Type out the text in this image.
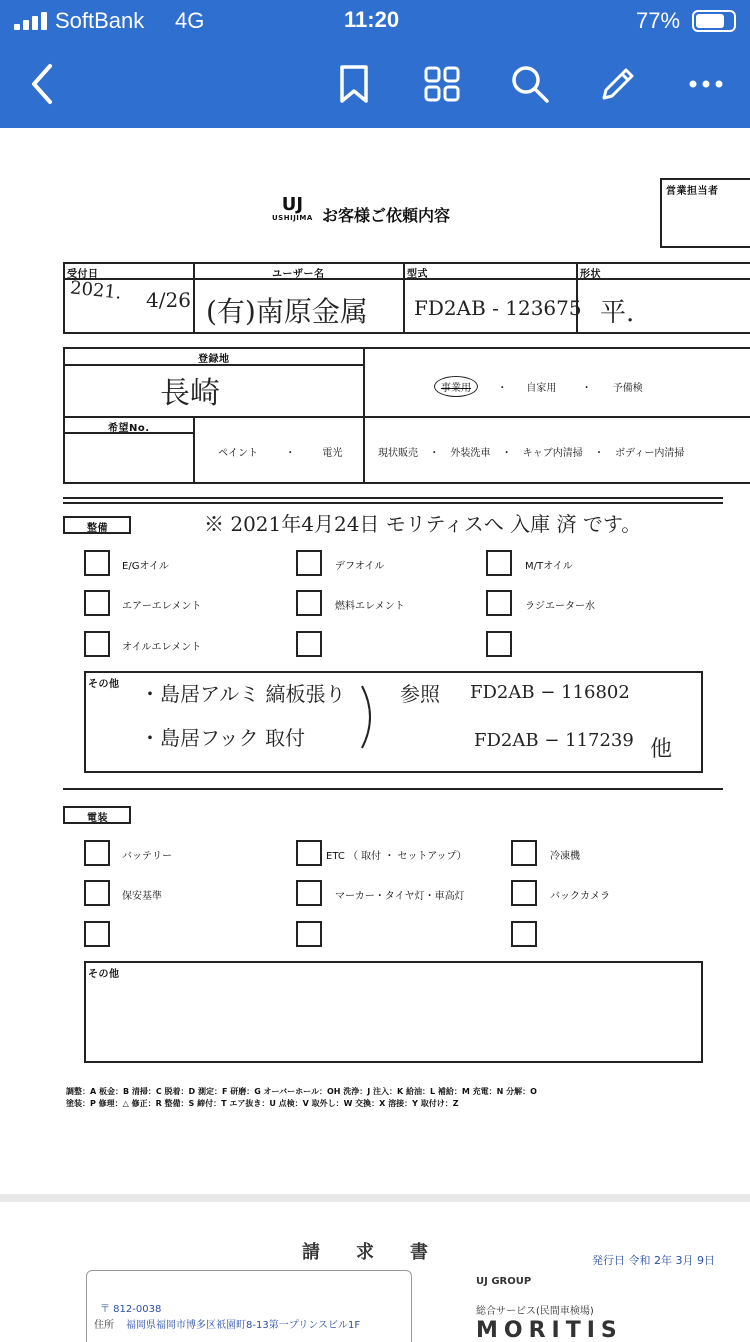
SoftBank 4G	11:20	77%
UJ
USHIJIMA お客様ご依頼内容
営業担当者
受付日	ユーザー名	型式	形状
2021. 4/26 (有)南原金属 FD2AB - 123675 平.
登録地
長崎	事業用	・ 自家用	・ 予備検
希望No.
ペイント	・	電光	現状販売 ・ 外装洗車 ・ キャブ内清掃 ・ ボディー内清掃
整備	※ 2021年4月24日 モリティスへ 入庫 済 です。
E/Gオイル	デフオイル	M/Tオイル
エアーエレメント	燃料エレメント	ラジエーター水
オイルエレメント
その他 ・島居アルミ 縞板張り
・島居フック 取付
参照 FD2AB − 116802
FD2AB − 117239 他
電装
バッテリー	ETC （ 取付 ・ セットアップ）	冷凍機
保安基準	マーカー・タイヤ灯・車高灯	バックカメラ
その他
調整：A 板金：B 清掃：C 脱着：D 測定：F 研磨：G オーバーホール：OH 洗浄：J 注入：K 給油：L 補給：M 充電：N 分解：O
塗装：P 修理：△ 修正：R 整備：S 締付：T エア抜き：U 点検：V 取外し：W 交換：X 溶接：Y 取付け：Z
請　　求　　書	発行日 令和 2年 3月 9日
〒 812-0038
住所 福岡県福岡市博多区祇園町8-13第一プリンスビル1F
UJ GROUP
総合サービス(民間車検場)
MORITIS
